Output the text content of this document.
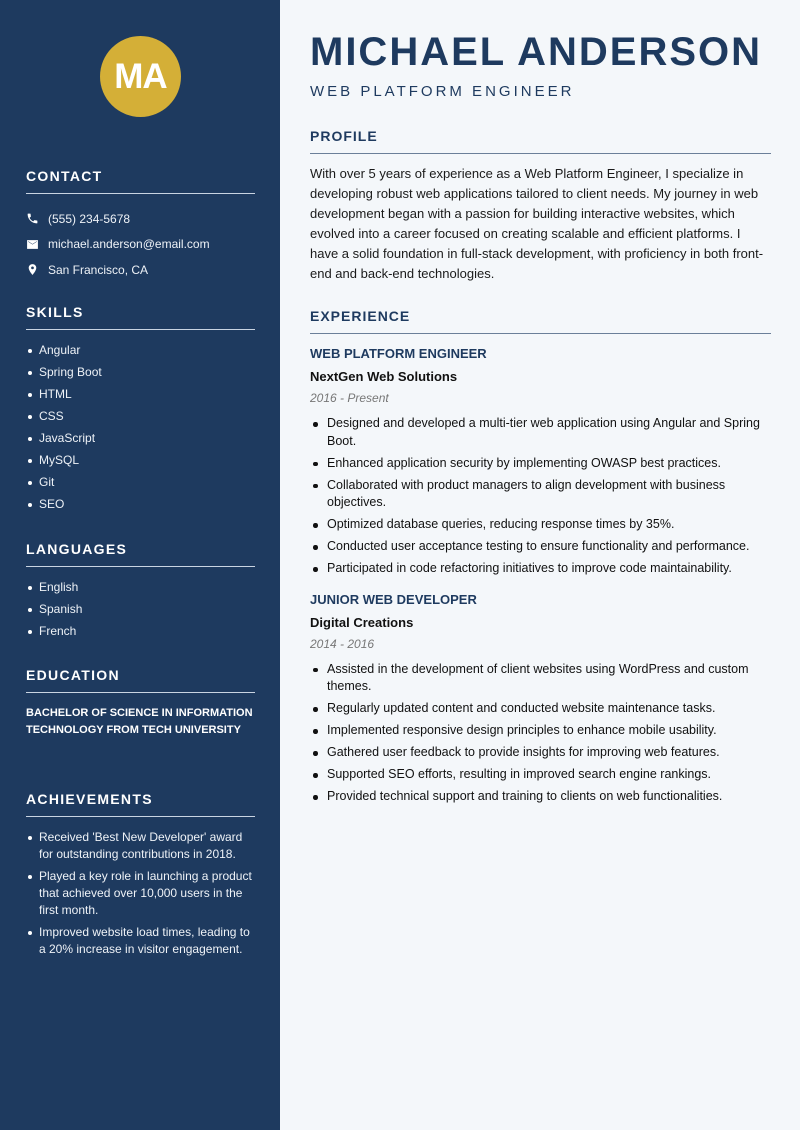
MA
CONTACT
(555) 234-5678
michael.anderson@email.com
San Francisco, CA
SKILLS
Angular
Spring Boot
HTML
CSS
JavaScript
MySQL
Git
SEO
LANGUAGES
English
Spanish
French
EDUCATION
BACHELOR OF SCIENCE IN INFORMATION TECHNOLOGY FROM TECH UNIVERSITY
ACHIEVEMENTS
Received 'Best New Developer' award for outstanding contributions in 2018.
Played a key role in launching a product that achieved over 10,000 users in the first month.
Improved website load times, leading to a 20% increase in visitor engagement.
MICHAEL ANDERSON
WEB PLATFORM ENGINEER
PROFILE
With over 5 years of experience as a Web Platform Engineer, I specialize in developing robust web applications tailored to client needs. My journey in web development began with a passion for building interactive websites, which evolved into a career focused on creating scalable and efficient platforms. I have a solid foundation in full-stack development, with proficiency in both front-end and back-end technologies.
EXPERIENCE
WEB PLATFORM ENGINEER
NextGen Web Solutions
2016 - Present
Designed and developed a multi-tier web application using Angular and Spring Boot.
Enhanced application security by implementing OWASP best practices.
Collaborated with product managers to align development with business objectives.
Optimized database queries, reducing response times by 35%.
Conducted user acceptance testing to ensure functionality and performance.
Participated in code refactoring initiatives to improve code maintainability.
JUNIOR WEB DEVELOPER
Digital Creations
2014 - 2016
Assisted in the development of client websites using WordPress and custom themes.
Regularly updated content and conducted website maintenance tasks.
Implemented responsive design principles to enhance mobile usability.
Gathered user feedback to provide insights for improving web features.
Supported SEO efforts, resulting in improved search engine rankings.
Provided technical support and training to clients on web functionalities.
